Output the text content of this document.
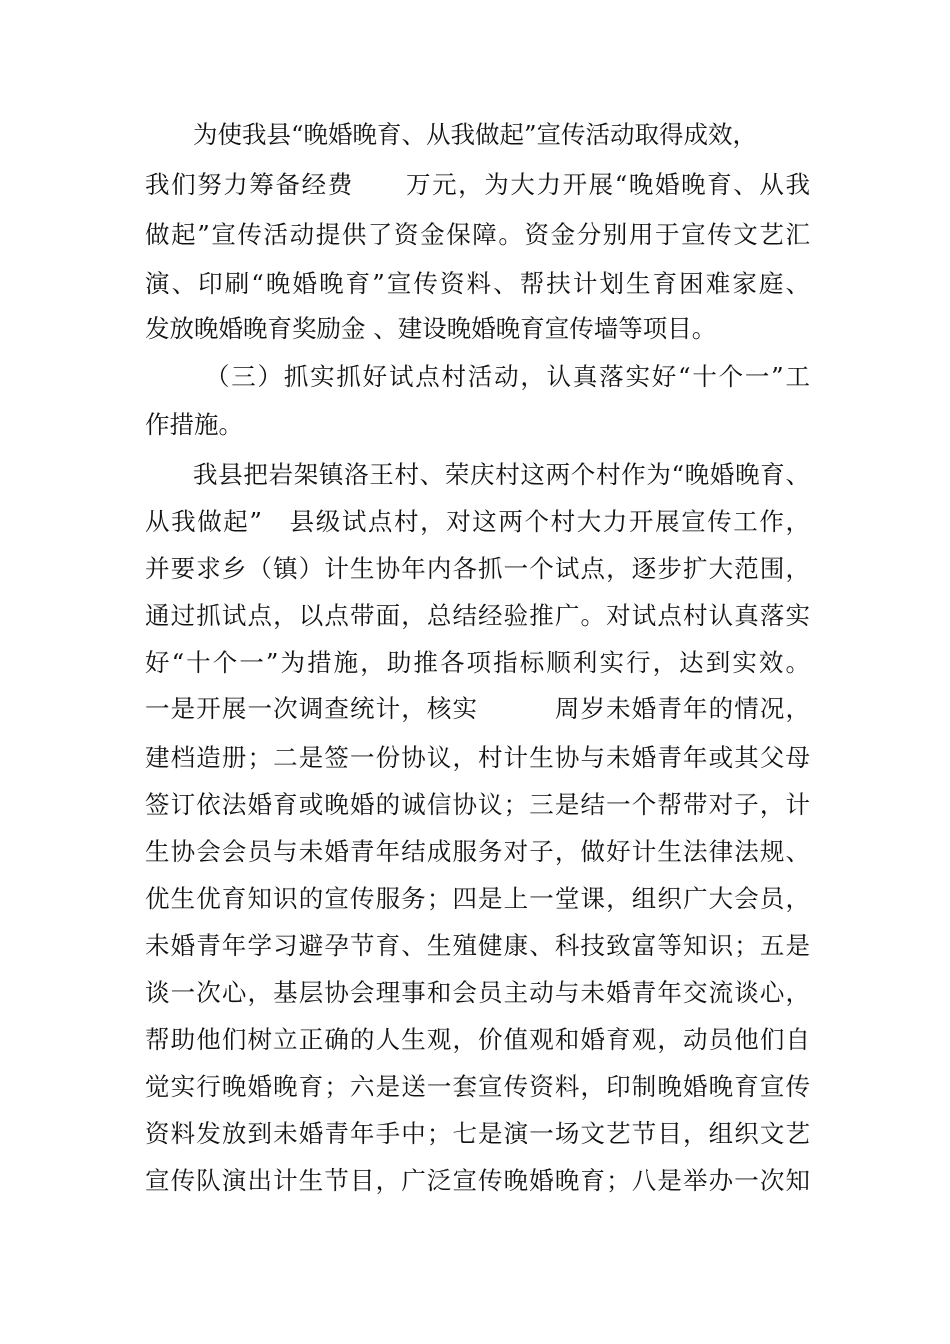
为使我县“晚婚晚育、从我做起”宣传活动取得成效，
我们努力筹备经费　　万元，为大力开展“晚婚晚育、从我
做起”宣传活动提供了资金保障。资金分别用于宣传文艺汇
演、印刷“晚婚晚育”宣传资料、帮扶计划生育困难家庭、
发放晚婚晚育奖励金 、建设晚婚晚育宣传墙等项目。
（三）抓实抓好试点村活动，认真落实好“十个一”工
作措施。
我县把岩架镇洛王村、荣庆村这两个村作为“晚婚晚育、
从我做起”　县级试点村，对这两个村大力开展宣传工作，
并要求乡（镇）计生协年内各抓一个试点，逐步扩大范围，
通过抓试点，以点带面，总结经验推广。对试点村认真落实
好“十个一”为措施，助推各项指标顺利实行，达到实效。
一是开展一次调查统计，核实　　　周岁未婚青年的情况，
建档造册；二是签一份协议，村计生协与未婚青年或其父母
签订依法婚育或晚婚的诚信协议；三是结一个帮带对子，计
生协会会员与未婚青年结成服务对子，做好计生法律法规、
优生优育知识的宣传服务；四是上一堂课，组织广大会员，
未婚青年学习避孕节育、生殖健康、科技致富等知识；五是
谈一次心，基层协会理事和会员主动与未婚青年交流谈心，
帮助他们树立正确的人生观，价值观和婚育观，动员他们自
觉实行晚婚晚育；六是送一套宣传资料，印制晚婚晚育宣传
资料发放到未婚青年手中；七是演一场文艺节目，组织文艺
宣传队演出计生节目，广泛宣传晚婚晚育；八是举办一次知
